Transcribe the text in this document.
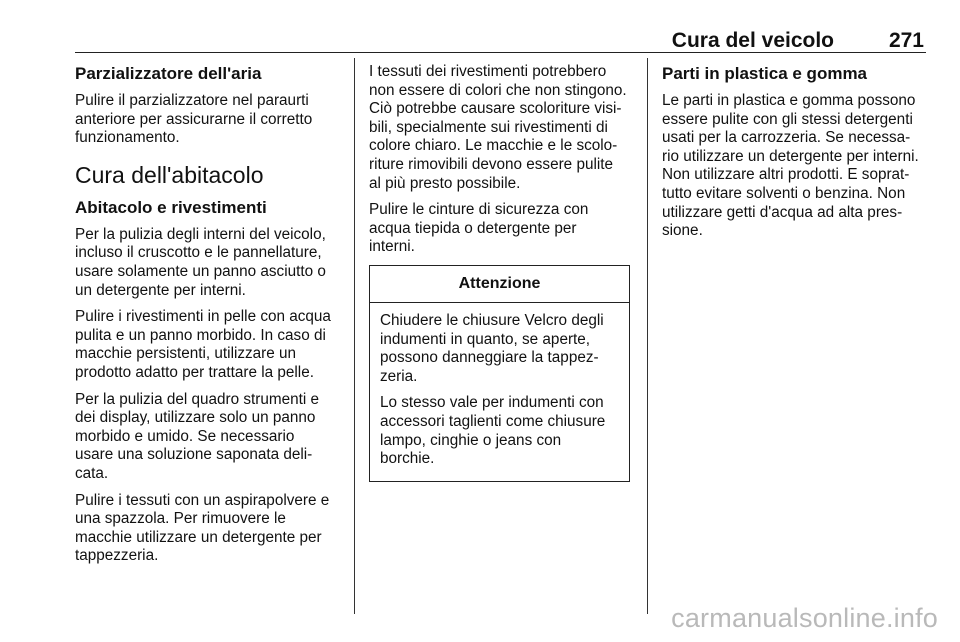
Cura del veicolo	271
Parzializzatore dell'aria

Pulire il parzializzatore nel paraurti
anteriore per assicurarne il corretto
funzionamento.

Cura dell'abitacolo
Abitacolo e rivestimenti

Per la pulizia degli interni del veicolo,
incluso il cruscotto e le pannellature,
usare solamente un panno asciutto o
un detergente per interni.

Pulire i rivestimenti in pelle con acqua
pulita e un panno morbido. In caso di
macchie persistenti, utilizzare un
prodotto adatto per trattare la pelle.

Per la pulizia del quadro strumenti e
dei display, utilizzare solo un panno
morbido e umido. Se necessario
usare una soluzione saponata deli-
cata.

Pulire i tessuti con un aspirapolvere e
una spazzola. Per rimuovere le
macchie utilizzare un detergente per
tappezzeria.

I tessuti dei rivestimenti potrebbero
non essere di colori che non stingono.
Ciò potrebbe causare scoloriture visi-
bili, specialmente sui rivestimenti di
colore chiaro. Le macchie e le scolo-
riture rimovibili devono essere pulite
al più presto possibile.

Pulire le cinture di sicurezza con
acqua tiepida o detergente per
interni.

Attenzione

Chiudere le chiusure Velcro degli
indumenti in quanto, se aperte,
possono danneggiare la tappez-
zeria.

Lo stesso vale per indumenti con
accessori taglienti come chiusure
lampo, cinghie o jeans con
borchie.

Parti in plastica e gomma

Le parti in plastica e gomma possono
essere pulite con gli stessi detergenti
usati per la carrozzeria. Se necessa-
rio utilizzare un detergente per interni.
Non utilizzare altri prodotti. E soprat-
tutto evitare solventi o benzina. Non
utilizzare getti d'acqua ad alta pres-
sione.

carmanualsonline.info
